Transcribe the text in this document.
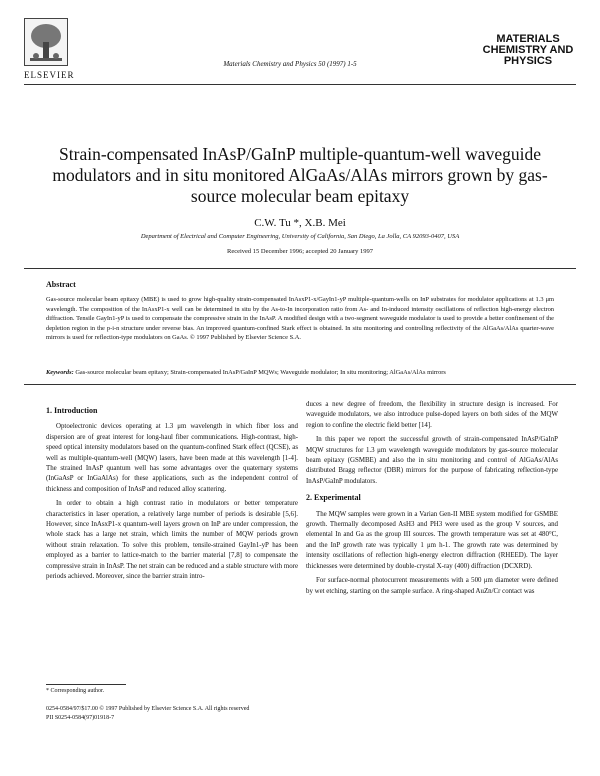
ELSEVIER
Materials Chemistry and Physics 50 (1997) 1-5
MATERIALS
CHEMISTRY AND
PHYSICS
Strain-compensated InAsP/GaInP multiple-quantum-well waveguide modulators and in situ monitored AlGaAs/AlAs mirrors grown by gas-source molecular beam epitaxy
C.W. Tu *, X.B. Mei
Department of Electrical and Computer Engineering, University of California, San Diego, La Jolla, CA 92093-0407, USA
Received 15 December 1996; accepted 20 January 1997
Abstract
Gas-source molecular beam epitaxy (MBE) is used to grow high-quality strain-compensated InAsxP1-x/GayIn1-yP multiple-quantum-wells on InP substrates for modulator applications at 1.3 μm wavelength. The composition of the InAsxP1-x well can be determined in situ by the As-to-In incorporation ratio from As- and In-induced intensity oscillations of reflection high-energy electron diffraction. Tensile GayIn1-yP is used to compensate the compressive strain in the InAsP. A modified design with a two-segment waveguide modulator is used to provide a better confinement of the depletion region in the p-i-n structure under reverse bias. An improved quantum-confined Stark effect is obtained. In situ monitoring and controlling reflectivity of the AlGaAs/AlAs quarter-wave mirrors is used for reflection-type modulators on GaAs. © 1997 Published by Elsevier Science S.A.
Keywords: Gas-source molecular beam epitaxy; Strain-compensated InAsP/GaInP MQWs; Waveguide modulator; In situ monitoring; AlGaAs/AlAs mirrors
1. Introduction

Optoelectronic devices operating at 1.3 μm wavelength in which fiber loss and dispersion are of great interest for long-haul fiber communications. High-contrast, high-speed optical intensity modulators based on the quantum-confined Stark effect (QCSE), as well as multiple-quantum-well (MQW) lasers, have been made at this wavelength [1-4]. The strained InAsP quantum well has some advantages over the quaternary systems (InGaAsP or InGaAlAs) for these applications, such as the independent control of thickness and composition of InAsP and reduced alloy scattering.

In order to obtain a high contrast ratio in modulators or better temperature characteristics in laser operation, a relatively large number of periods is desirable [5,6]. However, since InAsxP1-x quantum-well layers grown on InP are under compression, the whole stack has a large net strain, which limits the number of MQW periods grown without strain relaxation. To solve this problem, tensile-strained GayIn1-yP has been employed as a barrier to lattice-match to the barrier material [7,8] to compensate the compressive strain in InAsP. The net strain can be reduced and a stable structure with more periods achieved. Moreover, since the barrier strain intro-

* Corresponding author.
0254-0584/97/$17.00 © 1997 Published by Elsevier Science S.A. All rights reserved
PII S0254-0584(97)01918-7

duces a new degree of freedom, the flexibility in structure design is increased. For waveguide modulators, we also introduce pulse-doped layers on both sides of the MQW region to confine the electric field better [14].

In this paper we report the successful growth of strain-compensated InAsP/GaInP MQW structures for 1.3 μm wavelength waveguide modulators by gas-source molecular beam epitaxy (GSMBE) and also the in situ monitoring and control of AlGaAs/AlAs distributed Bragg reflector (DBR) mirrors for the purpose of fabricating reflection-type InAsP/GaInP modulators.

2. Experimental

The MQW samples were grown in a Varian Gen-II MBE system modified for GSMBE growth. Thermally decomposed AsH3 and PH3 were used as the group V sources, and elemental In and Ga as the group III sources. The growth temperature was set at 480°C, and the InP growth rate was typically 1 μm h-1. The growth rate was determined by intensity oscillations of reflection high-energy electron diffraction (RHEED). The layer thicknesses were determined by double-crystal X-ray (400) diffraction (DCXRD).

For surface-normal photocurrent measurements with a 500 μm diameter were defined by wet etching, starting on the sample surface. A ring-shaped AuZn/Cr contact was
